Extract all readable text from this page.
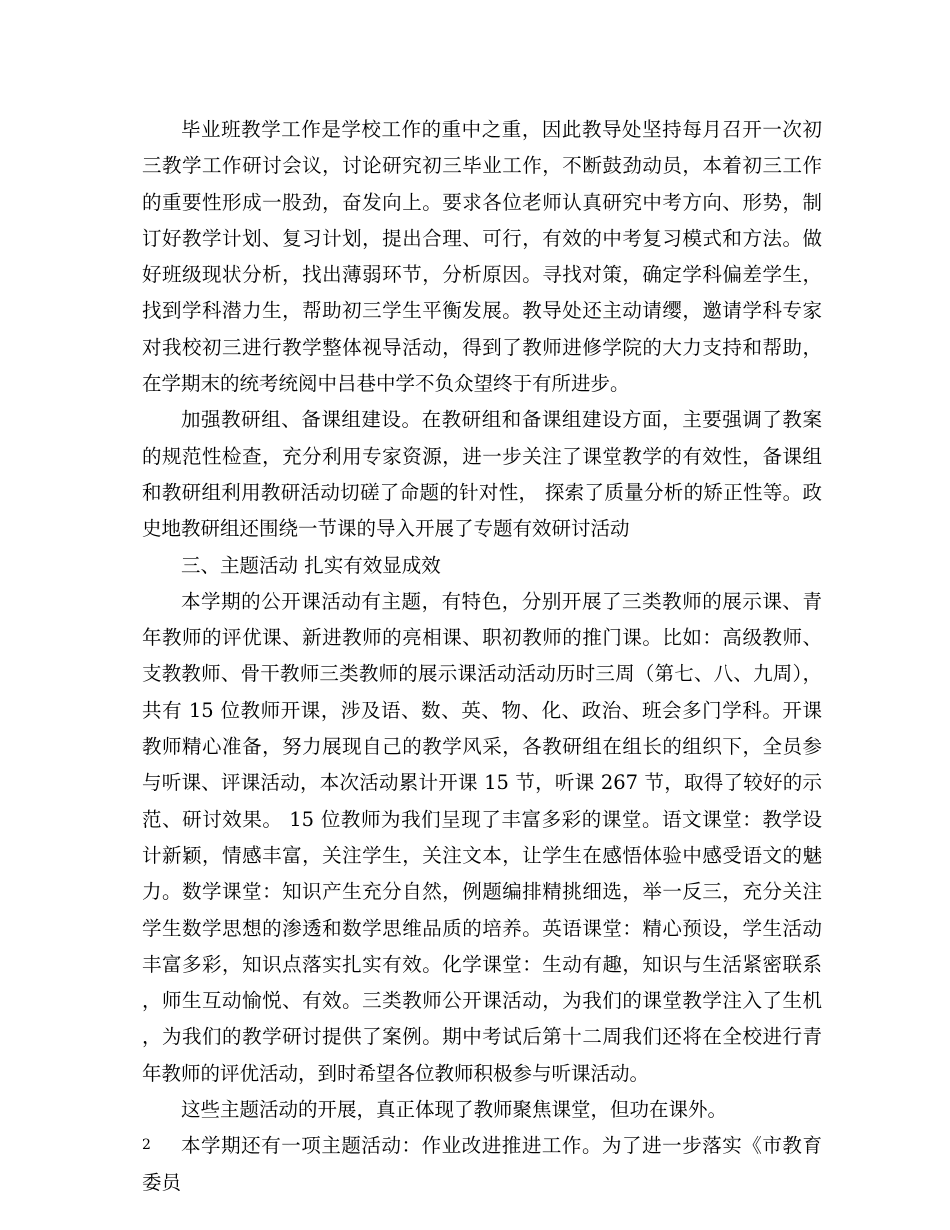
毕业班教学工作是学校工作的重中之重，因此教导处坚持每月召开一次初三教学工作研讨会议，讨论研究初三毕业工作，不断鼓劲动员，本着初三工作的重要性形成一股劲，奋发向上。要求各位老师认真研究中考方向、形势，制订好教学计划、复习计划，提出合理、可行，有效的中考复习模式和方法。做好班级现状分析，找出薄弱环节，分析原因。寻找对策，确定学科偏差学生，找到学科潜力生，帮助初三学生平衡发展。教导处还主动请缨，邀请学科专家对我校初三进行教学整体视导活动，得到了教师进修学院的大力支持和帮助，在学期末的统考统阅中吕巷中学不负众望终于有所进步。

加强教研组、备课组建设。在教研组和备课组建设方面，主要强调了教案的规范性检查，充分利用专家资源，进一步关注了课堂教学的有效性，备课组和教研组利用教研活动切磋了命题的针对性， 探索了质量分析的矫正性等。政史地教研组还围绕一节课的导入开展了专题有效研讨活动

三、主题活动 扎实有效显成效

本学期的公开课活动有主题，有特色，分别开展了三类教师的展示课、青年教师的评优课、新进教师的亮相课、职初教师的推门课。比如：高级教师、支教教师、骨干教师三类教师的展示课活动活动历时三周（第七、八、九周），共有 15 位教师开课，涉及语、数、英、物、化、政治、班会多门学科。开课教师精心准备，努力展现自己的教学风采，各教研组在组长的组织下，全员参与听课、评课活动，本次活动累计开课 15 节，听课 267 节，取得了较好的示范、研讨效果。 15 位教师为我们呈现了丰富多彩的课堂。语文课堂：教学设计新颖，情感丰富，关注学生，关注文本，让学生在感悟体验中感受语文的魅力。数学课堂：知识产生充分自然，例题编排精挑细选，举一反三，充分关注学生数学思想的渗透和数学思维品质的培养。英语课堂：精心预设，学生活动丰富多彩，知识点落实扎实有效。化学课堂：生动有趣，知识与生活紧密联系，师生互动愉悦、有效。三类教师公开课活动，为我们的课堂教学注入了生机，为我们的教学研讨提供了案例。期中考试后第十二周我们还将在全校进行青年教师的评优活动，到时希望各位教师积极参与听课活动。

这些主题活动的开展，真正体现了教师聚焦课堂，但功在课外。

本学期还有一项主题活动：作业改进推进工作。为了进一步落实《市教育委员

2
